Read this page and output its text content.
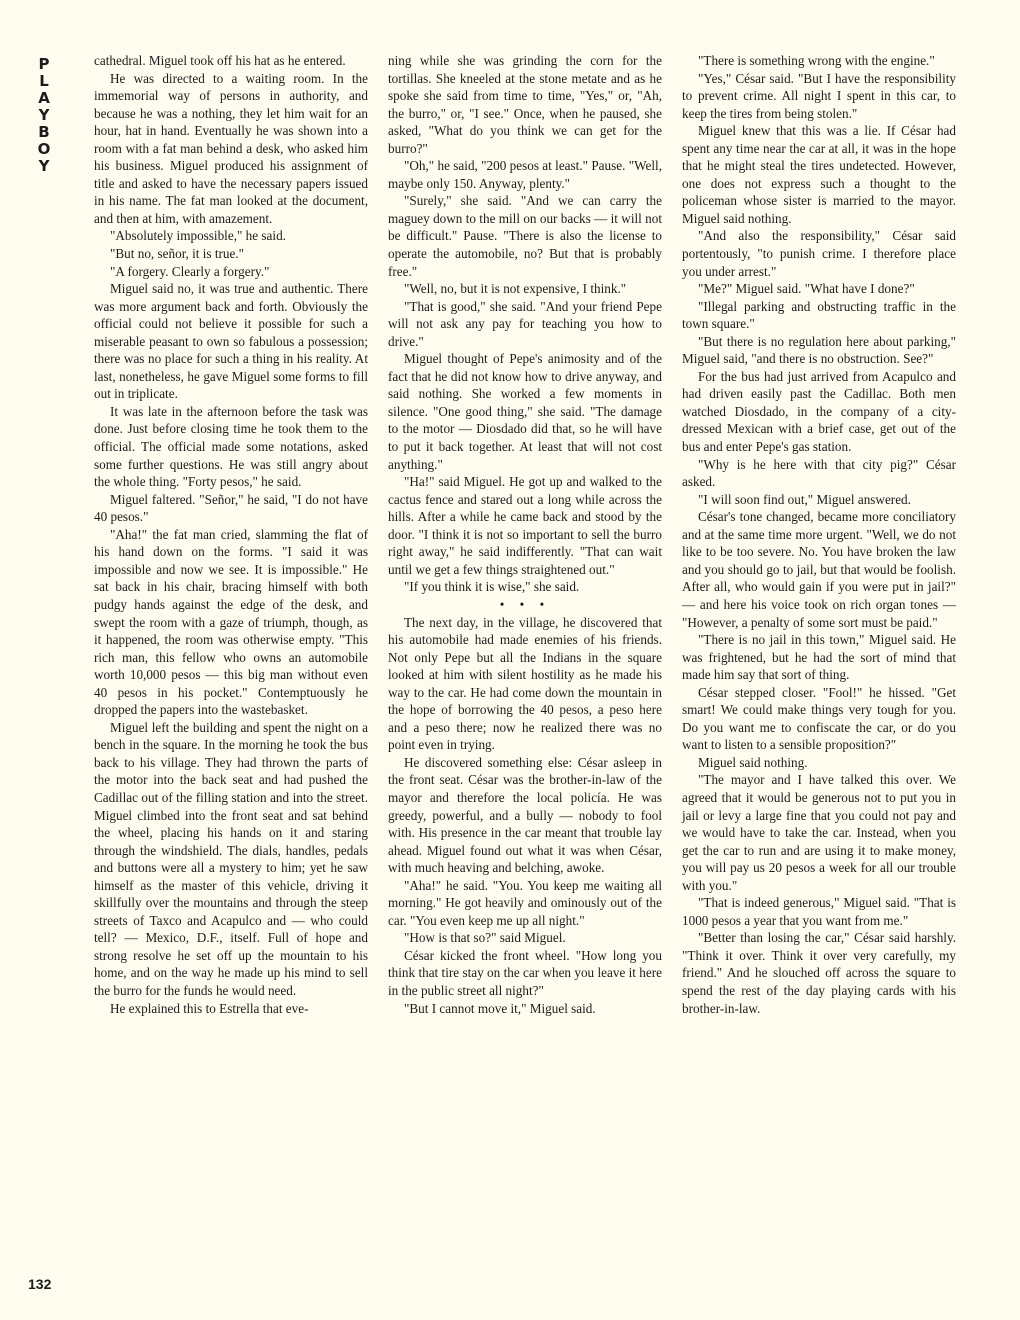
P
L
A
Y
B
O
Y

cathedral. Miguel took off his hat as he entered.

He was directed to a waiting room. In the immemorial way of persons in authority, and because he was a nothing, they let him wait for an hour, hat in hand. Eventually he was shown into a room with a fat man behind a desk, who asked him his business. Miguel produced his assignment of title and asked to have the necessary papers issued in his name. The fat man looked at the document, and then at him, with amazement.

"Absolutely impossible," he said.

"But no, señor, it is true."

"A forgery. Clearly a forgery."

Miguel said no, it was true and authentic. There was more argument back and forth. Obviously the official could not believe it possible for such a miserable peasant to own so fabulous a possession; there was no place for such a thing in his reality. At last, nonetheless, he gave Miguel some forms to fill out in triplicate.

It was late in the afternoon before the task was done. Just before closing time he took them to the official. The official made some notations, asked some further questions. He was still angry about the whole thing. "Forty pesos," he said.

Miguel faltered. "Señor," he said, "I do not have 40 pesos."

"Aha!" the fat man cried, slamming the flat of his hand down on the forms. "I said it was impossible and now we see. It is impossible." He sat back in his chair, bracing himself with both pudgy hands against the edge of the desk, and swept the room with a gaze of triumph, though, as it happened, the room was otherwise empty. "This rich man, this fellow who owns an automobile worth 10,000 pesos — this big man without even 40 pesos in his pocket." Contemptuously he dropped the papers into the wastebasket.

Miguel left the building and spent the night on a bench in the square. In the morning he took the bus back to his village. They had thrown the parts of the motor into the back seat and had pushed the Cadillac out of the filling station and into the street. Miguel climbed into the front seat and sat behind the wheel, placing his hands on it and staring through the windshield. The dials, handles, pedals and buttons were all a mystery to him; yet he saw himself as the master of this vehicle, driving it skillfully over the mountains and through the steep streets of Taxco and Acapulco and — who could tell? — Mexico, D.F., itself. Full of hope and strong resolve he set off up the mountain to his home, and on the way he made up his mind to sell the burro for the funds he would need.

He explained this to Estrella that eve-

ning while she was grinding the corn for the tortillas. She kneeled at the stone metate and as he spoke she said from time to time, "Yes," or, "Ah, the burro," or, "I see." Once, when he paused, she asked, "What do you think we can get for the burro?"

"Oh," he said, "200 pesos at least." Pause. "Well, maybe only 150. Anyway, plenty."

"Surely," she said. "And we can carry the maguey down to the mill on our backs — it will not be difficult." Pause. "There is also the license to operate the automobile, no? But that is probably free."

"Well, no, but it is not expensive, I think."

"That is good," she said. "And your friend Pepe will not ask any pay for teaching you how to drive."

Miguel thought of Pepe's animosity and of the fact that he did not know how to drive anyway, and said nothing. She worked a few moments in silence. "One good thing," she said. "The damage to the motor — Diosdado did that, so he will have to put it back together. At least that will not cost anything."

"Ha!" said Miguel. He got up and walked to the cactus fence and stared out a long while across the hills. After a while he came back and stood by the door. "I think it is not so important to sell the burro right away," he said indifferently. "That can wait until we get a few things straightened out."

"If you think it is wise," she said.

• • •

The next day, in the village, he discovered that his automobile had made enemies of his friends. Not only Pepe but all the Indians in the square looked at him with silent hostility as he made his way to the car. He had come down the mountain in the hope of borrowing the 40 pesos, a peso here and a peso there; now he realized there was no point even in trying.

He discovered something else: César asleep in the front seat. César was the brother-in-law of the mayor and therefore the local policía. He was greedy, powerful, and a bully — nobody to fool with. His presence in the car meant that trouble lay ahead. Miguel found out what it was when César, with much heaving and belching, awoke.

"Aha!" he said. "You. You keep me waiting all morning." He got heavily and ominously out of the car. "You even keep me up all night."

"How is that so?" said Miguel.

César kicked the front wheel. "How long you think that tire stay on the car when you leave it here in the public street all night?"

"But I cannot move it," Miguel said.

"There is something wrong with the engine."

"Yes," César said. "But I have the responsibility to prevent crime. All night I spent in this car, to keep the tires from being stolen."

Miguel knew that this was a lie. If César had spent any time near the car at all, it was in the hope that he might steal the tires undetected. However, one does not express such a thought to the policeman whose sister is married to the mayor. Miguel said nothing.

"And also the responsibility," César said portentously, "to punish crime. I therefore place you under arrest."

"Me?" Miguel said. "What have I done?"

"Illegal parking and obstructing traffic in the town square."

"But there is no regulation here about parking," Miguel said, "and there is no obstruction. See?"

For the bus had just arrived from Acapulco and had driven easily past the Cadillac. Both men watched Diosdado, in the company of a city-dressed Mexican with a brief case, get out of the bus and enter Pepe's gas station.

"Why is he here with that city pig?" César asked.

"I will soon find out," Miguel answered.

César's tone changed, became more conciliatory and at the same time more urgent. "Well, we do not like to be too severe. No. You have broken the law and you should go to jail, but that would be foolish. After all, who would gain if you were put in jail?" — and here his voice took on rich organ tones — "However, a penalty of some sort must be paid."

"There is no jail in this town," Miguel said. He was frightened, but he had the sort of mind that made him say that sort of thing.

César stepped closer. "Fool!" he hissed. "Get smart! We could make things very tough for you. Do you want me to confiscate the car, or do you want to listen to a sensible proposition?"

Miguel said nothing.

"The mayor and I have talked this over. We agreed that it would be generous not to put you in jail or levy a large fine that you could not pay and we would have to take the car. Instead, when you get the car to run and are using it to make money, you will pay us 20 pesos a week for all our trouble with you."

"That is indeed generous," Miguel said. "That is 1000 pesos a year that you want from me."

"Better than losing the car," César said harshly. "Think it over. Think it over very carefully, my friend." And he slouched off across the square to spend the rest of the day playing cards with his brother-in-law.

132
